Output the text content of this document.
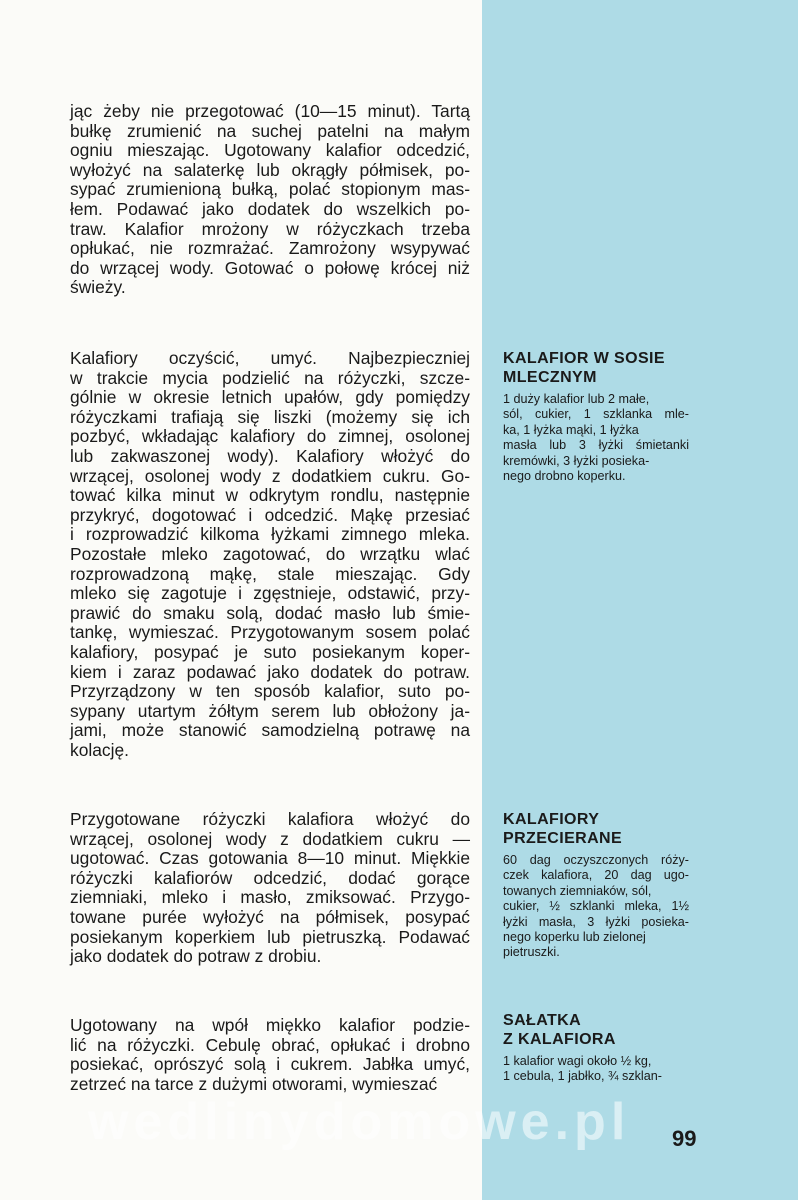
wedlinydomowe.pl
jąc żeby nie przegotować (10—15 minut). Tartą
bułkę zrumienić na suchej patelni na małym
ogniu mieszając. Ugotowany kalafior odcedzić,
wyłożyć na salaterkę lub okrągły półmisek, po-
sypać zrumienioną bułką, polać stopionym mas-
łem. Podawać jako dodatek do wszelkich po-
traw. Kalafior mrożony w różyczkach trzeba
opłukać, nie rozmrażać. Zamrożony wsypywać
do wrzącej wody. Gotować o połowę krócej niż
świeży.
Kalafiory oczyścić, umyć. Najbezpieczniej
w trakcie mycia podzielić na różyczki, szcze-
gólnie w okresie letnich upałów, gdy pomiędzy
różyczkami trafiają się liszki (możemy się ich
pozbyć, wkładając kalafiory do zimnej, osolonej
lub zakwaszonej wody). Kalafiory włożyć do
wrzącej, osolonej wody z dodatkiem cukru. Go-
tować kilka minut w odkrytym rondlu, następnie
przykryć, dogotować i odcedzić. Mąkę przesiać
i rozprowadzić kilkoma łyżkami zimnego mleka.
Pozostałe mleko zagotować, do wrzątku wlać
rozprowadzoną mąkę, stale mieszając. Gdy
mleko się zagotuje i zgęstnieje, odstawić, przy-
prawić do smaku solą, dodać masło lub śmie-
tankę, wymieszać. Przygotowanym sosem polać
kalafiory, posypać je suto posiekanym koper-
kiem i zaraz podawać jako dodatek do potraw.
Przyrządzony w ten sposób kalafior, suto po-
sypany utartym żółtym serem lub obłożony ja-
jami, może stanowić samodzielną potrawę na
kolację.
Przygotowane różyczki kalafiora włożyć do
wrzącej, osolonej wody z dodatkiem cukru —
ugotować. Czas gotowania 8—10 minut. Miękkie
różyczki kalafiorów odcedzić, dodać gorące
ziemniaki, mleko i masło, zmiksować. Przygo-
towane purée wyłożyć na półmisek, posypać
posiekanym koperkiem lub pietruszką. Podawać
jako dodatek do potraw z drobiu.
Ugotowany na wpół miękko kalafior podzie-
lić na różyczki. Cebulę obrać, opłukać i drobno
posiekać, oprószyć solą i cukrem. Jabłka umyć,
zetrzeć na tarce z dużymi otworami, wymieszać
KALAFIOR W SOSIE
MLECZNYM
1 duży kalafior lub 2 małe,
sól, cukier, 1 szklanka mle-
ka, 1 łyżka mąki, 1 łyżka
masła lub 3 łyżki śmietanki
kremówki, 3 łyżki posieka-
nego drobno koperku.
KALAFIORY
PRZECIERANE
60 dag oczyszczonych róży-
czek kalafiora, 20 dag ugo-
towanych ziemniaków, sól,
cukier, ½ szklanki mleka, 1½
łyżki masła, 3 łyżki posieka-
nego koperku lub zielonej
pietruszki.
SAŁATKA
Z KALAFIORA
1 kalafior wagi około ½ kg,
1 cebula, 1 jabłko, ¾ szklan-
99
